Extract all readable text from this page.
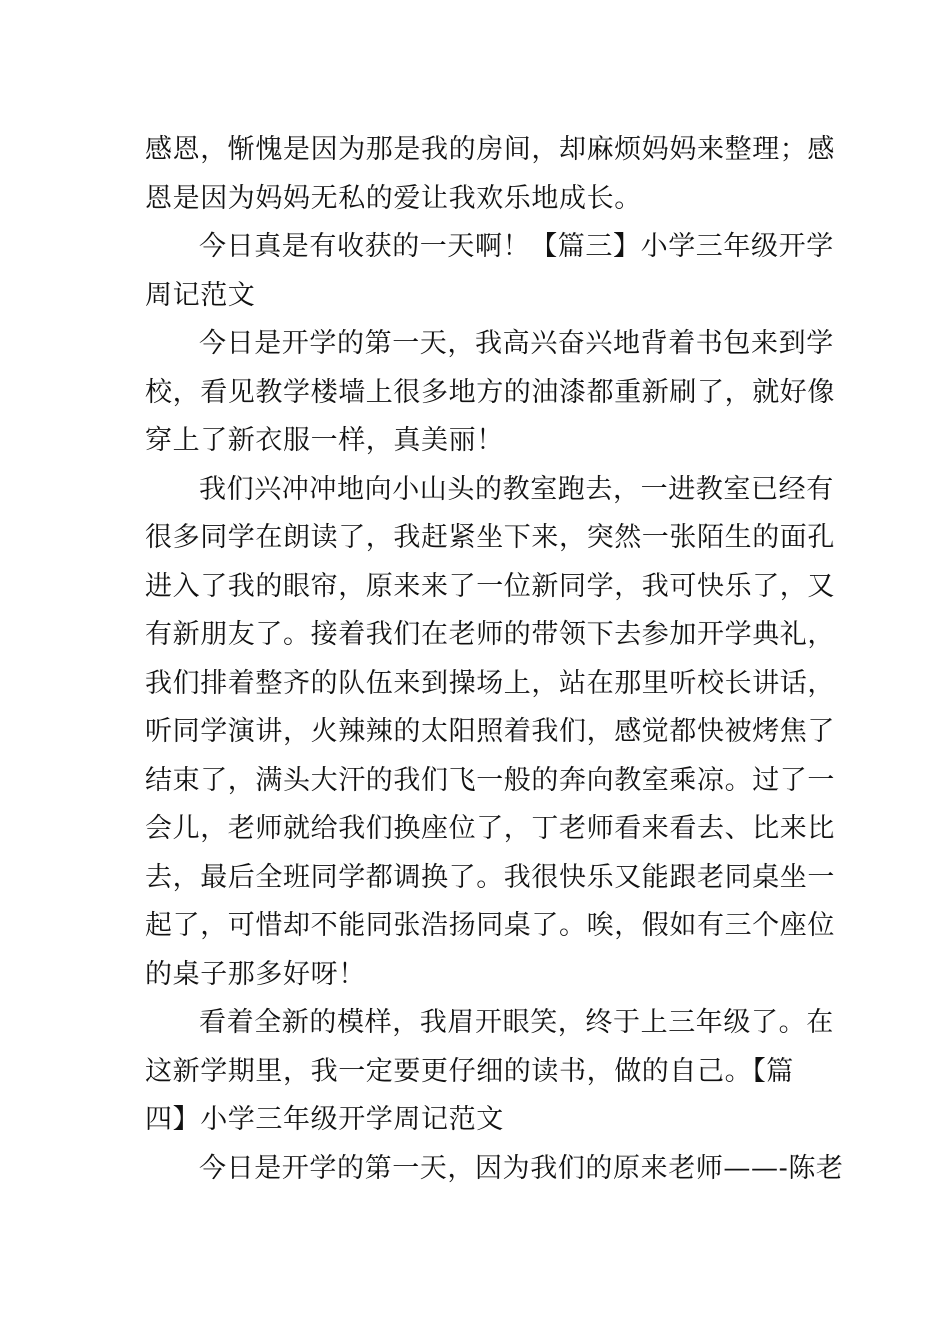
感恩，惭愧是因为那是我的房间，却麻烦妈妈来整理；感
恩是因为妈妈无私的爱让我欢乐地成长。
今日真是有收获的一天啊！【篇三】小学三年级开学
周记范文
今日是开学的第一天，我高兴奋兴地背着书包来到学
校，看见教学楼墙上很多地方的油漆都重新刷了，就好像
穿上了新衣服一样，真美丽！
我们兴冲冲地向小山头的教室跑去，一进教室已经有
很多同学在朗读了，我赶紧坐下来，突然一张陌生的面孔
进入了我的眼帘，原来来了一位新同学，我可快乐了，又
有新朋友了。接着我们在老师的带领下去参加开学典礼，
我们排着整齐的队伍来到操场上，站在那里听校长讲话，
听同学演讲，火辣辣的太阳照着我们，感觉都快被烤焦了
结束了，满头大汗的我们飞一般的奔向教室乘凉。过了一
会儿，老师就给我们换座位了，丁老师看来看去、比来比
去，最后全班同学都调换了。我很快乐又能跟老同桌坐一
起了，可惜却不能同张浩扬同桌了。唉，假如有三个座位
的桌子那多好呀！
看着全新的模样，我眉开眼笑，终于上三年级了。在
这新学期里，我一定要更仔细的读书，做的自己。【篇
四】小学三年级开学周记范文
今日是开学的第一天，因为我们的原来老师——-陈老
